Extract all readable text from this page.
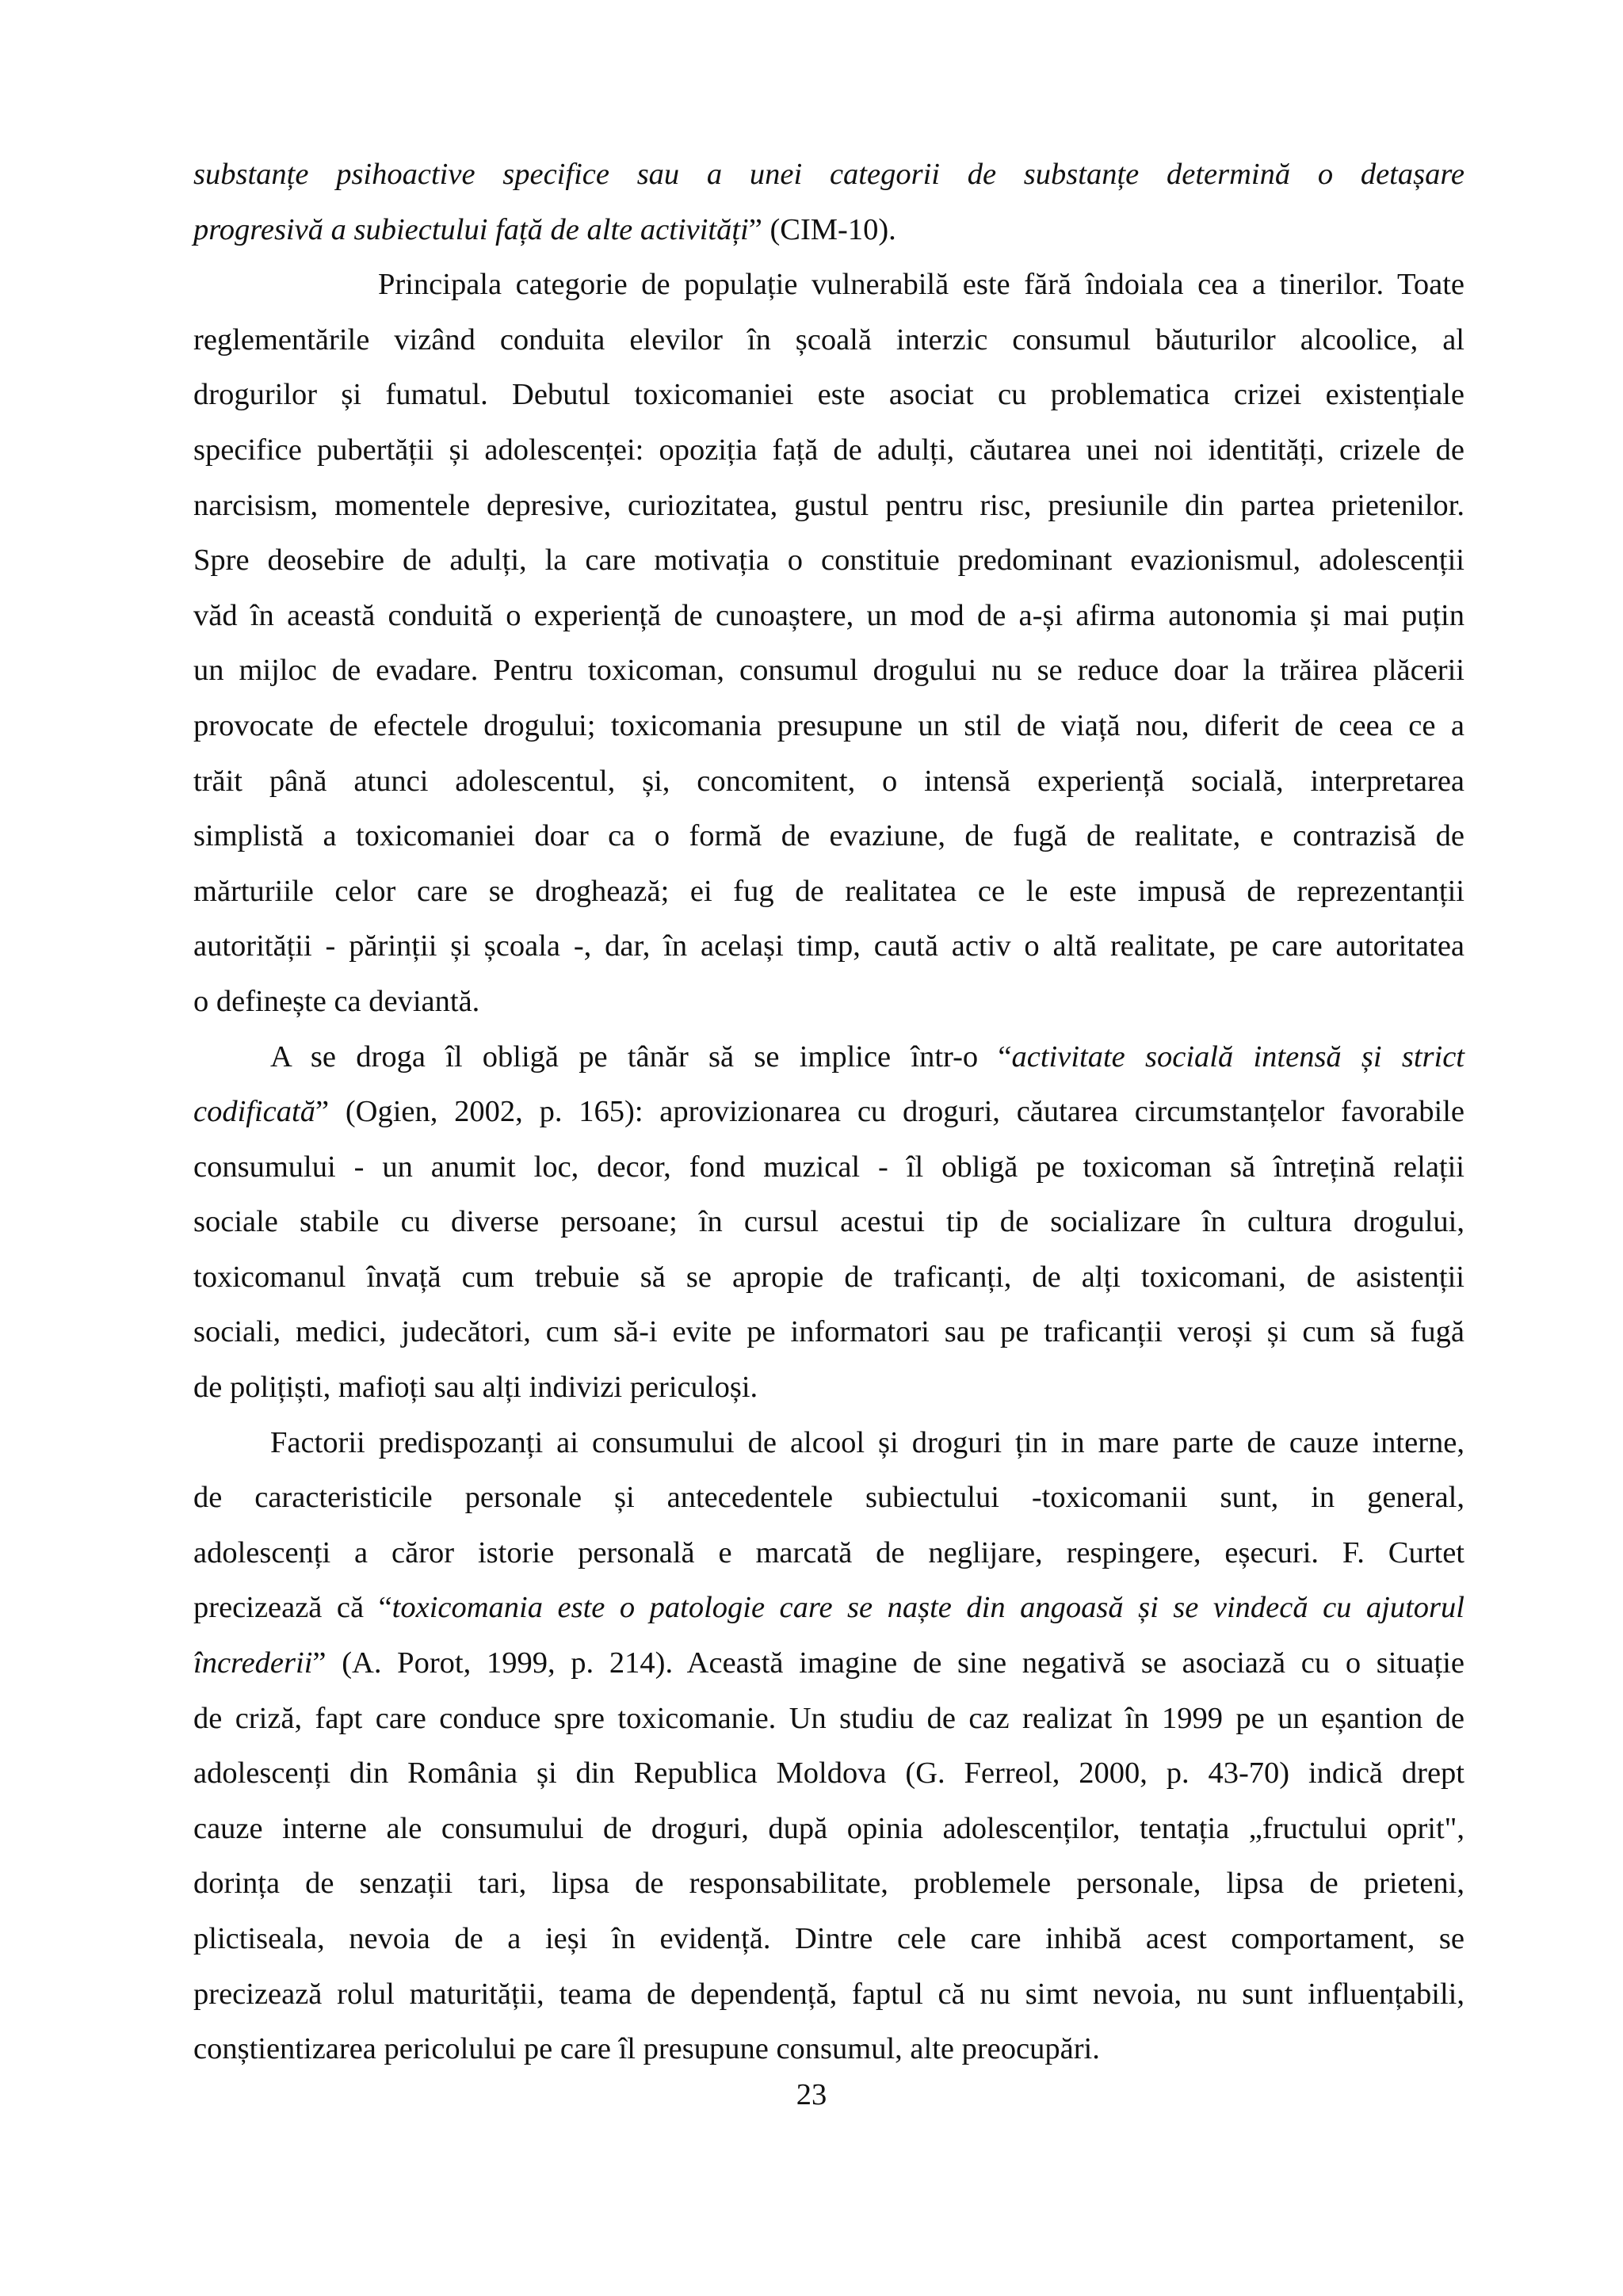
substanțe psihoactive specifice sau a unei categorii de substanțe determină o detașare
progresivă a subiectului față de alte activități” (CIM-10).
Principala categorie de populație vulnerabilă este fără îndoiala cea a tinerilor. Toate
reglementările vizând conduita elevilor în școală interzic consumul băuturilor alcoolice, al
drogurilor și fumatul. Debutul toxicomaniei este asociat cu problematica crizei existențiale
specifice pubertății și adolescenței: opoziția față de adulți, căutarea unei noi identități, crizele de
narcisism, momentele depresive, curiozitatea, gustul pentru risc, presiunile din partea prietenilor.
Spre deosebire de adulți, la care motivația o constituie predominant evazionismul, adolescenții
văd în această conduită o experiență de cunoaștere, un mod de a-și afirma autonomia și mai puțin
un mijloc de evadare. Pentru toxicoman, consumul drogului nu se reduce doar la trăirea plăcerii
provocate de efectele drogului; toxicomania presupune un stil de viață nou, diferit de ceea ce a
trăit până atunci adolescentul, și, concomitent, o intensă experiență socială, interpretarea
simplistă a toxicomaniei doar ca o formă de evaziune, de fugă de realitate, e contrazisă de
mărturiile celor care se droghează; ei fug de realitatea ce le este impusă de reprezentanții
autorității - părinții și școala -, dar, în același timp, caută activ o altă realitate, pe care autoritatea
o definește ca deviantă.
A se droga îl obligă pe tânăr să se implice într-o “activitate socială intensă și strict
codificată” (Ogien, 2002, p. 165): aprovizionarea cu droguri, căutarea circumstanțelor favorabile
consumului - un anumit loc, decor, fond muzical - îl obligă pe toxicoman să întrețină relații
sociale stabile cu diverse persoane; în cursul acestui tip de socializare în cultura drogului,
toxicomanul învață cum trebuie să se apropie de traficanți, de alți toxicomani, de asistenții
sociali, medici, judecători, cum să-i evite pe informatori sau pe traficanții veroși și cum să fugă
de polițiști, mafioți sau alți indivizi periculoși.
Factorii predispozanți ai consumului de alcool și droguri țin in mare parte de cauze interne,
de caracteristicile personale și antecedentele subiectului -toxicomanii sunt, in general,
adolescenți a căror istorie personală e marcată de neglijare, respingere, eșecuri. F. Curtet
precizează că “toxicomania este o patologie care se naște din angoasă și se vindecă cu ajutorul
încrederii” (A. Porot, 1999, p. 214). Această imagine de sine negativă se asociază cu o situație
de criză, fapt care conduce spre toxicomanie. Un studiu de caz realizat în 1999 pe un eșantion de
adolescenți din România și din Republica Moldova (G. Ferreol, 2000, p. 43-70) indică drept
cauze interne ale consumului de droguri, după opinia adolescenților, tentația „fructului oprit",
dorința de senzații tari, lipsa de responsabilitate, problemele personale, lipsa de prieteni,
plictiseala, nevoia de a ieși în evidență. Dintre cele care inhibă acest comportament, se
precizează rolul maturității, teama de dependență, faptul că nu simt nevoia, nu sunt influențabili,
conștientizarea pericolului pe care îl presupune consumul, alte preocupări.
23
